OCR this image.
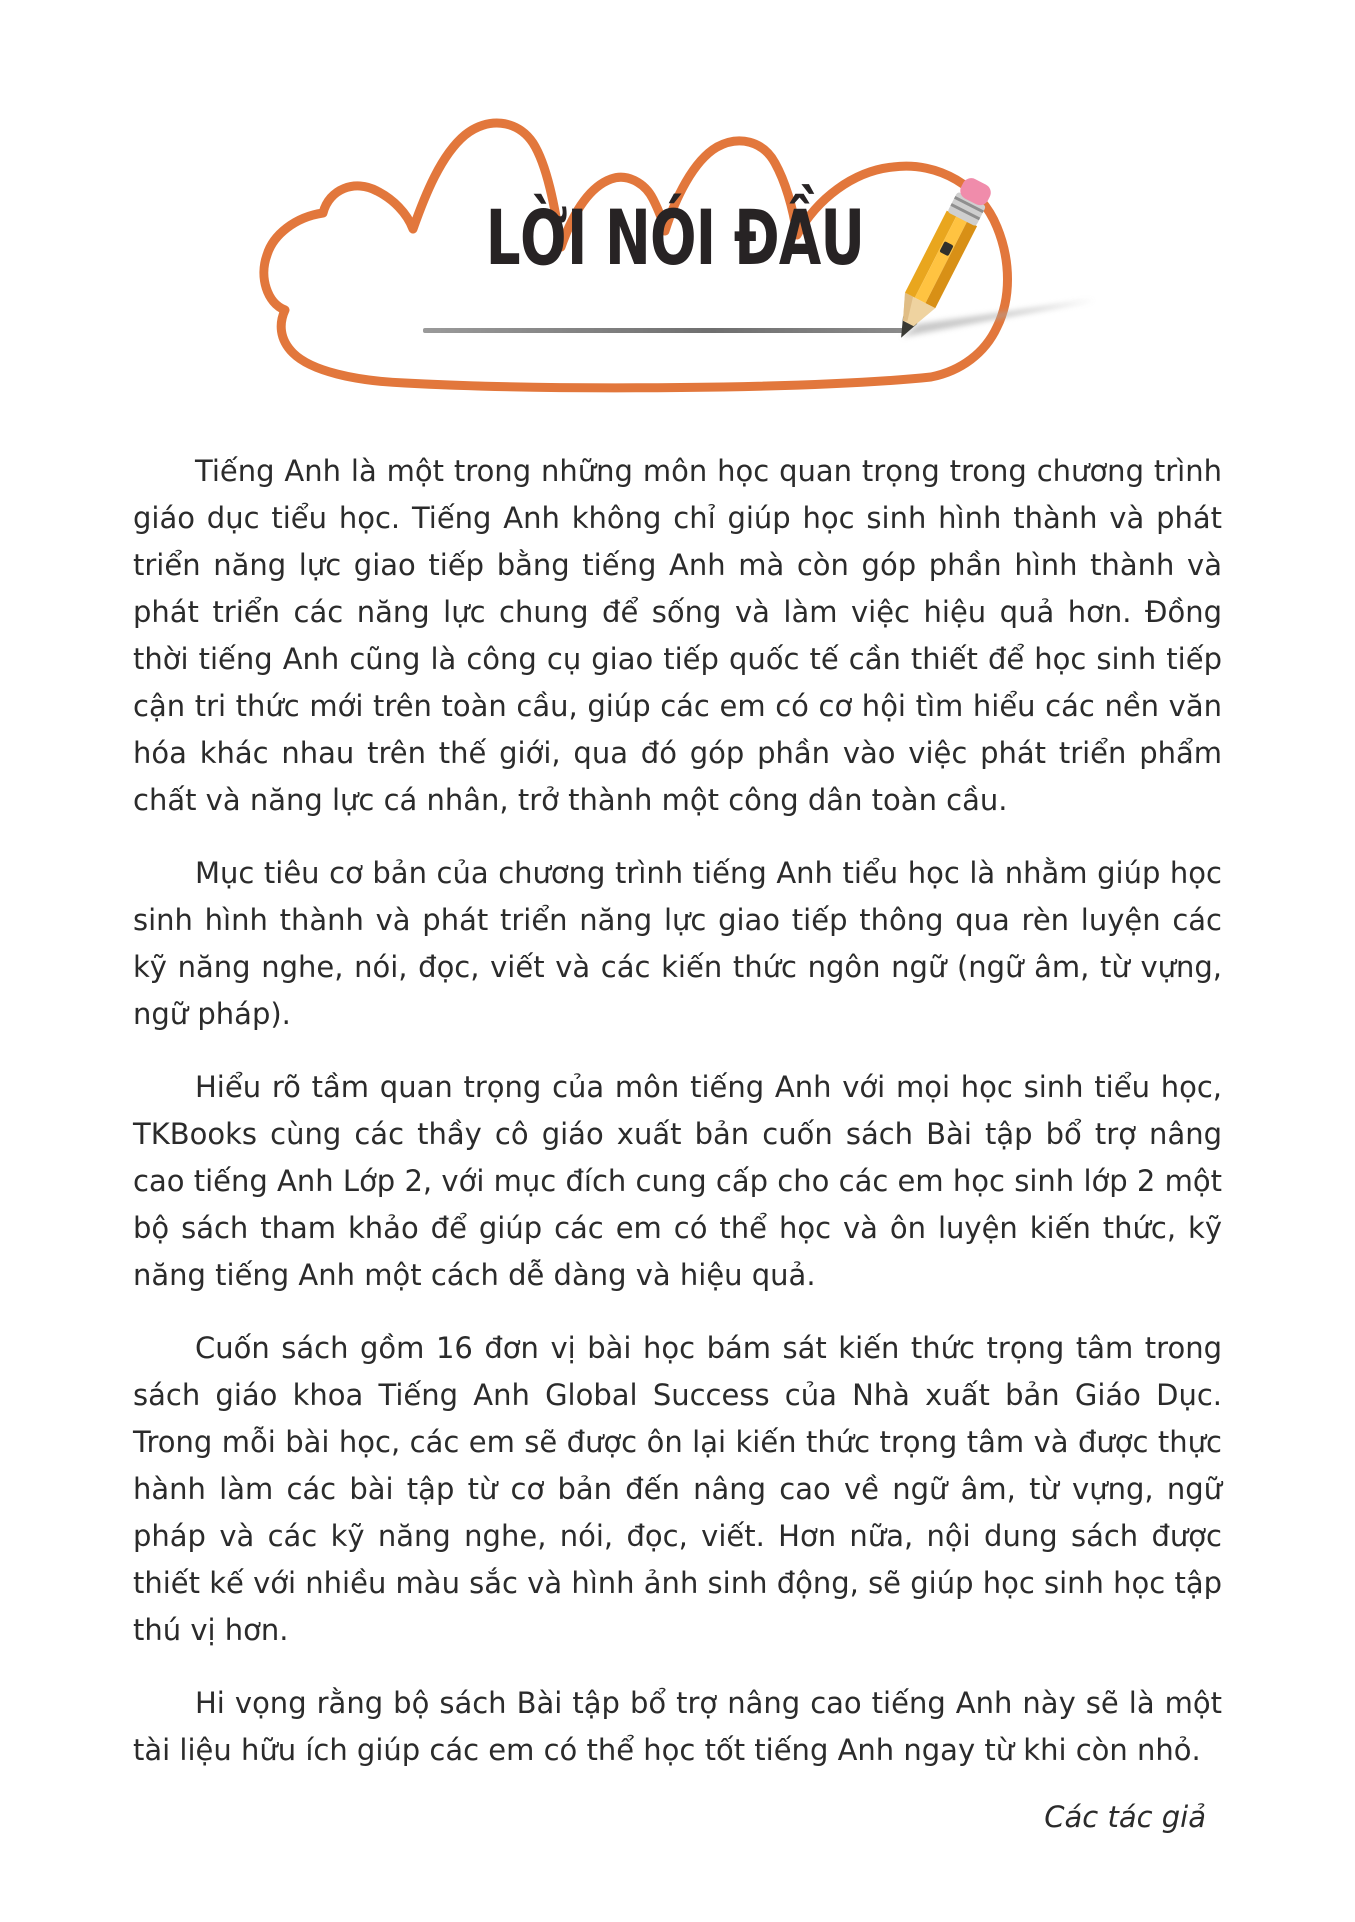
LỜI NÓI ĐẦU

Tiếng Anh là một trong những môn học quan trọng trong chương trình giáo dục tiểu học. Tiếng Anh không chỉ giúp học sinh hình thành và phát triển năng lực giao tiếp bằng tiếng Anh mà còn góp phần hình thành và phát triển các năng lực chung để sống và làm việc hiệu quả hơn. Đồng thời tiếng Anh cũng là công cụ giao tiếp quốc tế cần thiết để học sinh tiếp cận tri thức mới trên toàn cầu, giúp các em có cơ hội tìm hiểu các nền văn hóa khác nhau trên thế giới, qua đó góp phần vào việc phát triển phẩm chất và năng lực cá nhân, trở thành một công dân toàn cầu.

Mục tiêu cơ bản của chương trình tiếng Anh tiểu học là nhằm giúp học sinh hình thành và phát triển năng lực giao tiếp thông qua rèn luyện các kỹ năng nghe, nói, đọc, viết và các kiến thức ngôn ngữ (ngữ âm, từ vựng, ngữ pháp).

Hiểu rõ tầm quan trọng của môn tiếng Anh với mọi học sinh tiểu học, TKBooks cùng các thầy cô giáo xuất bản cuốn sách Bài tập bổ trợ nâng cao tiếng Anh Lớp 2, với mục đích cung cấp cho các em học sinh lớp 2 một bộ sách tham khảo để giúp các em có thể học và ôn luyện kiến thức, kỹ năng tiếng Anh một cách dễ dàng và hiệu quả.

Cuốn sách gồm 16 đơn vị bài học bám sát kiến thức trọng tâm trong sách giáo khoa Tiếng Anh Global Success của Nhà xuất bản Giáo Dục. Trong mỗi bài học, các em sẽ được ôn lại kiến thức trọng tâm và được thực hành làm các bài tập từ cơ bản đến nâng cao về ngữ âm, từ vựng, ngữ pháp và các kỹ năng nghe, nói, đọc, viết. Hơn nữa, nội dung sách được thiết kế với nhiều màu sắc và hình ảnh sinh động, sẽ giúp học sinh học tập thú vị hơn.

Hi vọng rằng bộ sách Bài tập bổ trợ nâng cao tiếng Anh này sẽ là một tài liệu hữu ích giúp các em có thể học tốt tiếng Anh ngay từ khi còn nhỏ.

Các tác giả
